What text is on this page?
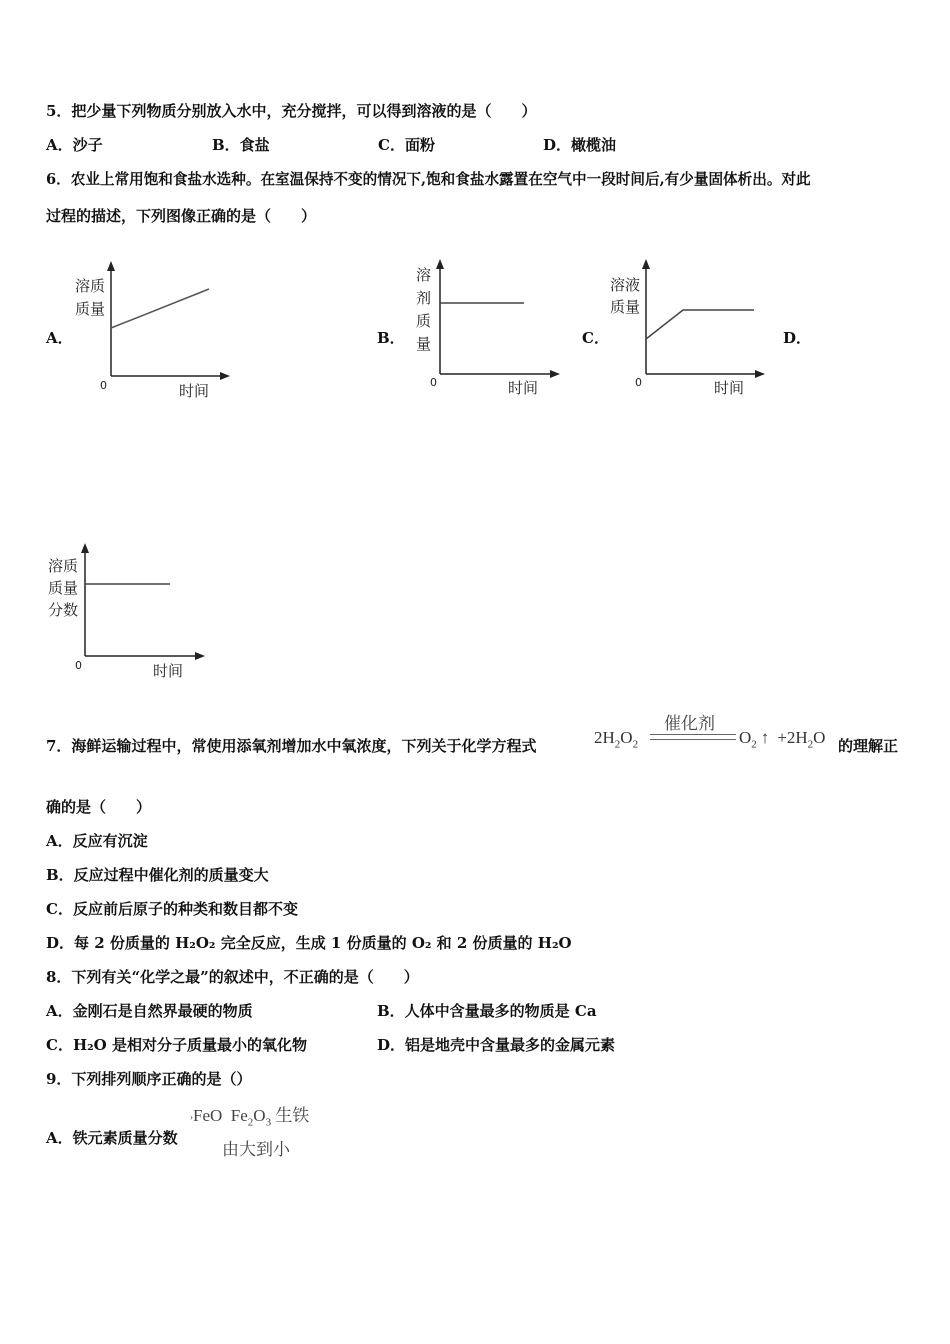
5．把少量下列物质分别放入水中，充分搅拌，可以得到溶液的是（　　）
A．沙子	B．食盐	C．面粉	D．橄榄油
6．农业上常用饱和食盐水选种。在室温保持不变的情况下,饱和食盐水露置在空气中一段时间后,有少量固体析出。对此
过程的描述，下列图像正确的是（　　）
A．	B．	C．	D．
溶质
质量
0	时间
溶
剂
质
量
0	时间
溶液
质量
0	时间
溶质
质量
分数
0	时间
7．海鲜运输过程中，常使用添氧剂增加水中氧浓度，下列关于化学方程式	$2H_2O_2$
催化剂
$O_2$ ↑ $+2H_2O$ 的理解正
确的是（　　）
A．反应有沉淀
B．反应过程中催化剂的质量变大
C．反应前后原子的种类和数目都不变
D．每 2 份质量的 H₂O₂ 完全反应，生成 1 份质量的 O₂ 和 2 份质量的 H₂O
8．下列有关“化学之最”的叙述中，不正确的是（　　）
A．金刚石是自然界最硬的物质	B．人体中含量最多的物质是 Ca
C．H₂O 是相对分子质量最小的氧化物	D．铝是地壳中含量最多的金属元素
9．下列排列顺序正确的是（）
A．铁元素质量分数
›FeO $Fe_2O_3$ 生铁
由大到小
